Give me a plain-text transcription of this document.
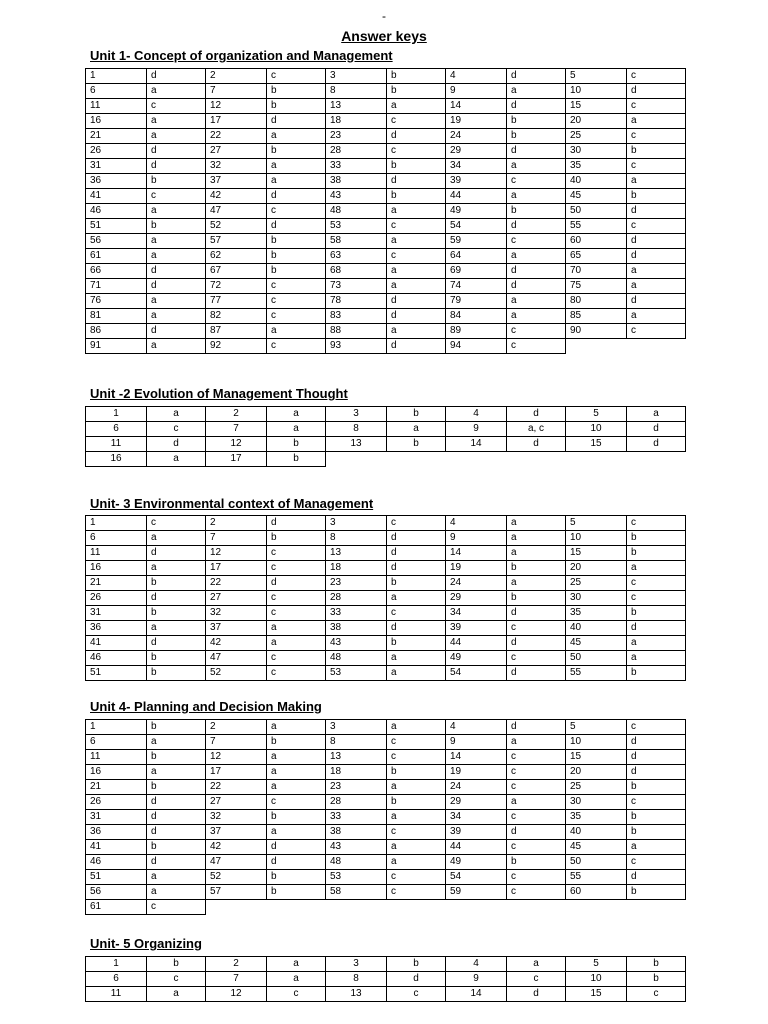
-
Answer keys
Unit 1- Concept of organization and Management
1	d	2	c	3	b	4	d	5	c
6	a	7	b	8	b	9	a	10	d
11	c	12	b	13	a	14	d	15	c
16	a	17	d	18	c	19	b	20	a
21	a	22	a	23	d	24	b	25	c
26	d	27	b	28	c	29	d	30	b
31	d	32	a	33	b	34	a	35	c
36	b	37	a	38	d	39	c	40	a
41	c	42	d	43	b	44	a	45	b
46	a	47	c	48	a	49	b	50	d
51	b	52	d	53	c	54	d	55	c
56	a	57	b	58	a	59	c	60	d
61	a	62	b	63	c	64	a	65	d
66	d	67	b	68	a	69	d	70	a
71	d	72	c	73	a	74	d	75	a
76	a	77	c	78	d	79	a	80	d
81	a	82	c	83	d	84	a	85	a
86	d	87	a	88	a	89	c	90	c
91	a	92	c	93	d	94	c		
Unit -2 Evolution of Management Thought
1	a	2	a	3	b	4	d	5	a
6	c	7	a	8	a	9	a, c	10	d
11	d	12	b	13	b	14	d	15	d
16	a	17	b						
Unit- 3 Environmental context of Management
1	c	2	d	3	c	4	a	5	c
6	a	7	b	8	d	9	a	10	b
11	d	12	c	13	d	14	a	15	b
16	a	17	c	18	d	19	b	20	a
21	b	22	d	23	b	24	a	25	c
26	d	27	c	28	a	29	b	30	c
31	b	32	c	33	c	34	d	35	b
36	a	37	a	38	d	39	c	40	d
41	d	42	a	43	b	44	d	45	a
46	b	47	c	48	a	49	c	50	a
51	b	52	c	53	a	54	d	55	b
Unit 4- Planning and Decision Making
1	b	2	a	3	a	4	d	5	c
6	a	7	b	8	c	9	a	10	d
11	b	12	a	13	c	14	c	15	d
16	a	17	a	18	b	19	c	20	d
21	b	22	a	23	a	24	c	25	b
26	d	27	c	28	b	29	a	30	c
31	d	32	b	33	a	34	c	35	b
36	d	37	a	38	c	39	d	40	b
41	b	42	d	43	a	44	c	45	a
46	d	47	d	48	a	49	b	50	c
51	a	52	b	53	c	54	c	55	d
56	a	57	b	58	c	59	c	60	b
61	c								
Unit- 5 Organizing
1	b	2	a	3	b	4	a	5	b
6	c	7	a	8	d	9	c	10	b
11	a	12	c	13	c	14	d	15	c
